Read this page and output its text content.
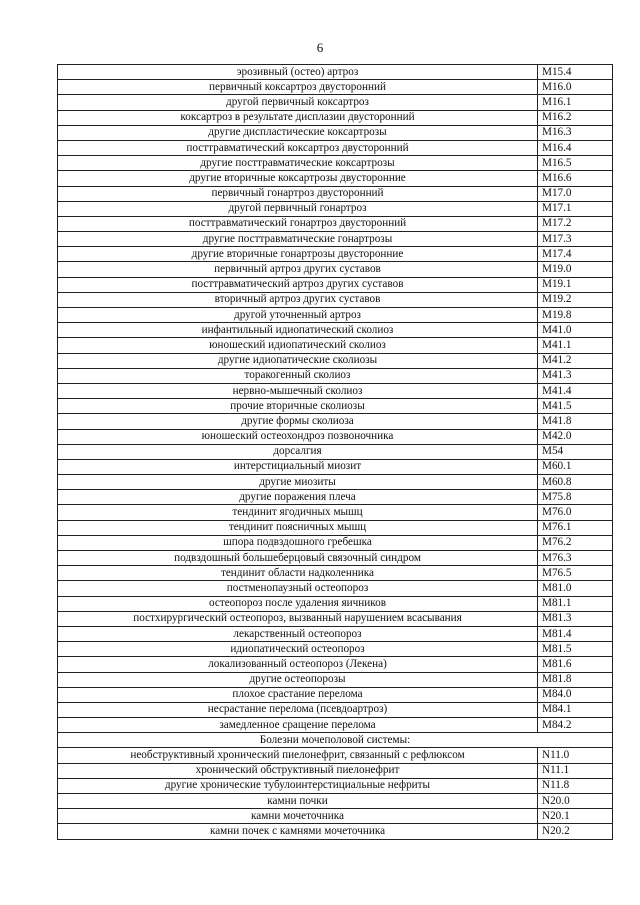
6
эрозивный (остео) артроз	M15.4
первичный коксартроз двусторонний	M16.0
другой первичный коксартроз	M16.1
коксартроз в результате дисплазии двусторонний	M16.2
другие диспластические коксартрозы	M16.3
посттравматический коксартроз двусторонний	M16.4
другие посттравматические коксартрозы	M16.5
другие вторичные коксартрозы двусторонние	M16.6
первичный гонартроз двусторонний	M17.0
другой первичный гонартроз	M17.1
посттравматический гонартроз двусторонний	M17.2
другие посттравматические гонартрозы	M17.3
другие вторичные гонартрозы двусторонние	M17.4
первичный артроз других суставов	M19.0
посттравматический артроз других суставов	M19.1
вторичный артроз других суставов	M19.2
другой уточненный артроз	M19.8
инфантильный идиопатический сколиоз	M41.0
юношеский идиопатический сколиоз	M41.1
другие идиопатические сколиозы	M41.2
торакогенный сколиоз	M41.3
нервно-мышечный сколиоз	M41.4
прочие вторичные сколиозы	M41.5
другие формы сколиоза	M41.8
юношеский остеохондроз позвоночника	M42.0
дорсалгия	M54
интерстициальный миозит	M60.1
другие миозиты	M60.8
другие поражения плеча	M75.8
тендинит ягодичных мышц	M76.0
тендинит поясничных мышц	M76.1
шпора подвздошного гребешка	M76.2
подвздошный большеберцовый связочный синдром	M76.3
тендинит области надколенника	M76.5
постменопаузный остеопороз	M81.0
остеопороз после удаления яичников	M81.1
постхирургический остеопороз, вызванный нарушением всасывания	M81.3
лекарственный остеопороз	M81.4
идиопатический остеопороз	M81.5
локализованный остеопороз (Лекена)	M81.6
другие остеопорозы	M81.8
плохое срастание перелома	M84.0
несрастание перелома (псевдоартроз)	M84.1
замедленное сращение перелома	M84.2
Болезни мочеполовой системы:	
необструктивный хронический пиелонефрит, связанный с рефлюксом	N11.0
хронический обструктивный пиелонефрит	N11.1
другие хронические тубулоинтерстициальные нефриты	N11.8
камни почки	N20.0
камни мочеточника	N20.1
камни почек с камнями мочеточника	N20.2
